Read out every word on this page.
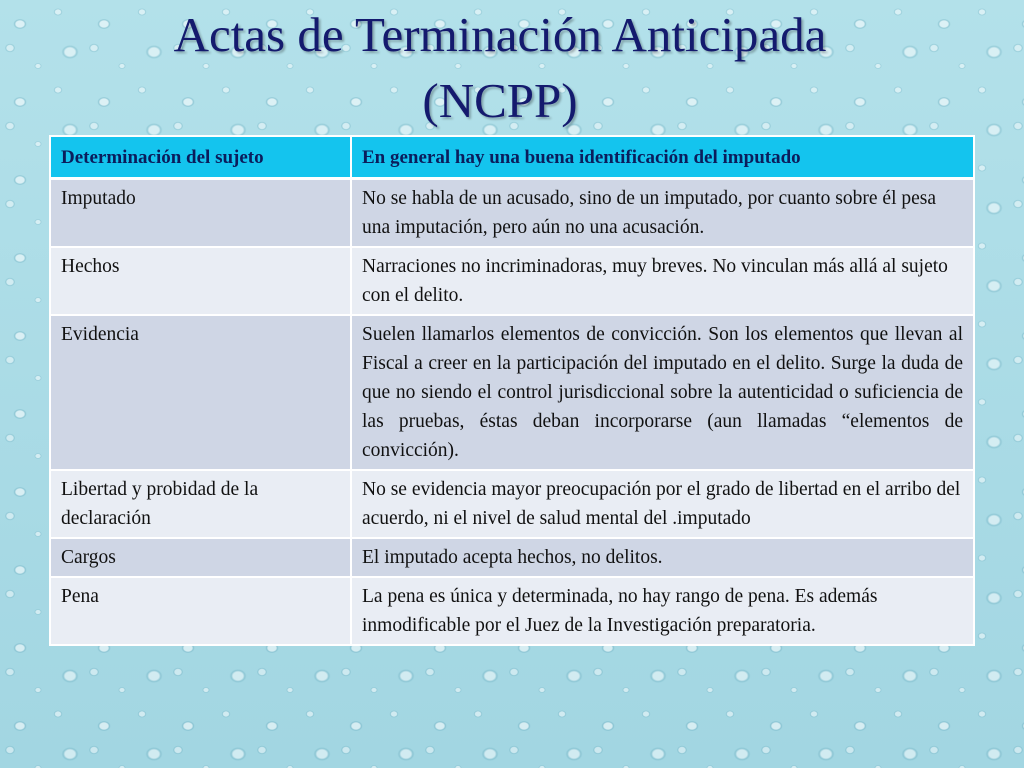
Actas de Terminación Anticipada
(NCPP)
Determinación del sujeto	En general hay una buena identificación del imputado
Imputado	No se habla de un acusado, sino de un imputado, por cuanto sobre él pesa una imputación, pero aún no una acusación.
Hechos	Narraciones no incriminadoras, muy breves. No vinculan más allá al sujeto con el delito.
Evidencia	Suelen llamarlos elementos de convicción. Son los elementos que llevan al Fiscal a creer en la participación del imputado en el delito. Surge la duda de que no siendo el control jurisdiccional sobre la autenticidad o suficiencia de las pruebas, éstas deban incorporarse (aun llamadas “elementos de convicción).
Libertad y probidad de la declaración	No se evidencia mayor preocupación por el grado de libertad en el arribo del acuerdo, ni el nivel de salud mental del .imputado
Cargos	El imputado acepta hechos, no delitos.
Pena	La pena es única y determinada, no hay rango de pena. Es además inmodificable por el Juez de la Investigación preparatoria.
